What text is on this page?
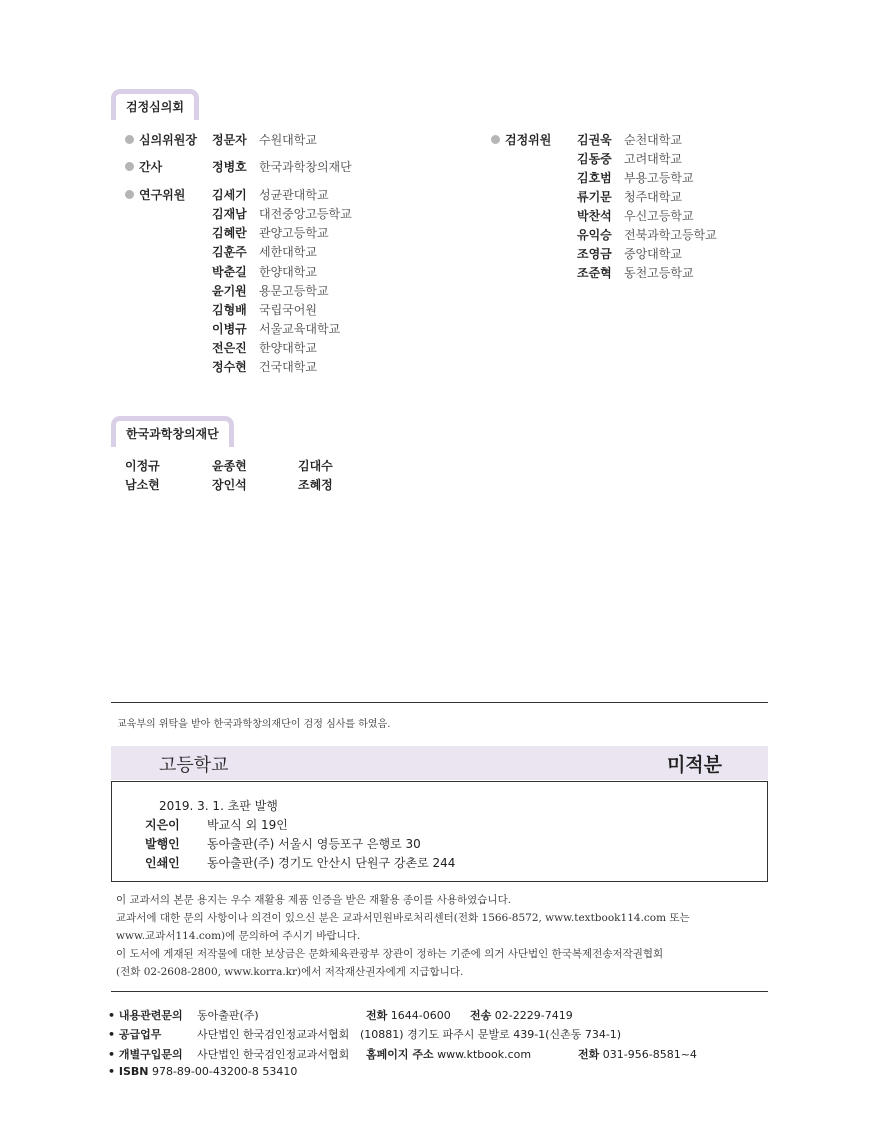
검정심의회
심의위원장 정문자 수원대학교
간사	정병호 한국과학창의재단
연구위원 김세기 성균관대학교
김재남 대전중앙고등학교
김혜란 관양고등학교
김훈주 세한대학교
박춘길 한양대학교
윤기원 용문고등학교
김형배 국립국어원
이병규 서울교육대학교
전은진 한양대학교
정수현 건국대학교
검정위원 김권욱 순천대학교
김동중 고려대학교
김호범 부용고등학교
류기문 청주대학교
박찬석 우신고등학교
유익승 전북과학고등학교
조영금 중앙대학교
조준혁 동천고등학교
한국과학창의재단
이정규	윤종현	김대수
남소현	장인석	조혜정
교육부의 위탁을 받아 한국과학창의재단이 검정 심사를 하였음.
고등학교	미적분
2019. 3. 1. 초판 발행
지은이 박교식 외 19인
발행인 동아출판(주) 서울시 영등포구 은행로 30
인쇄인 동아출판(주) 경기도 안산시 단원구 강촌로 244
이 교과서의 본문 용지는 우수 재활용 제품 인증을 받은 재활용 종이를 사용하였습니다.
교과서에 대한 문의 사항이나 의견이 있으신 분은 교과서민원바로처리센터(전화 1566-8572, www.textbook114.com 또는
www.교과서114.com)에 문의하여 주시기 바랍니다.
이 도서에 게재된 저작물에 대한 보상금은 문화체육관광부 장관이 정하는 기준에 의거 사단법인 한국복제전송저작권협회
(전화 02-2608-2800, www.korra.kr)에서 저작재산권자에게 지급합니다.
• 내용관련문의 동아출판(주)	전화 1644-0600 전송 02-2229-7419
• 공급업무	사단법인 한국검인정교과서협회 (10881) 경기도 파주시 문발로 439-1(신촌동 734-1)
• 개별구입문의 사단법인 한국검인정교과서협회 홈페이지 주소 www.ktbook.com	전화 031-956-8581~4
• ISBN 978-89-00-43200-8 53410
